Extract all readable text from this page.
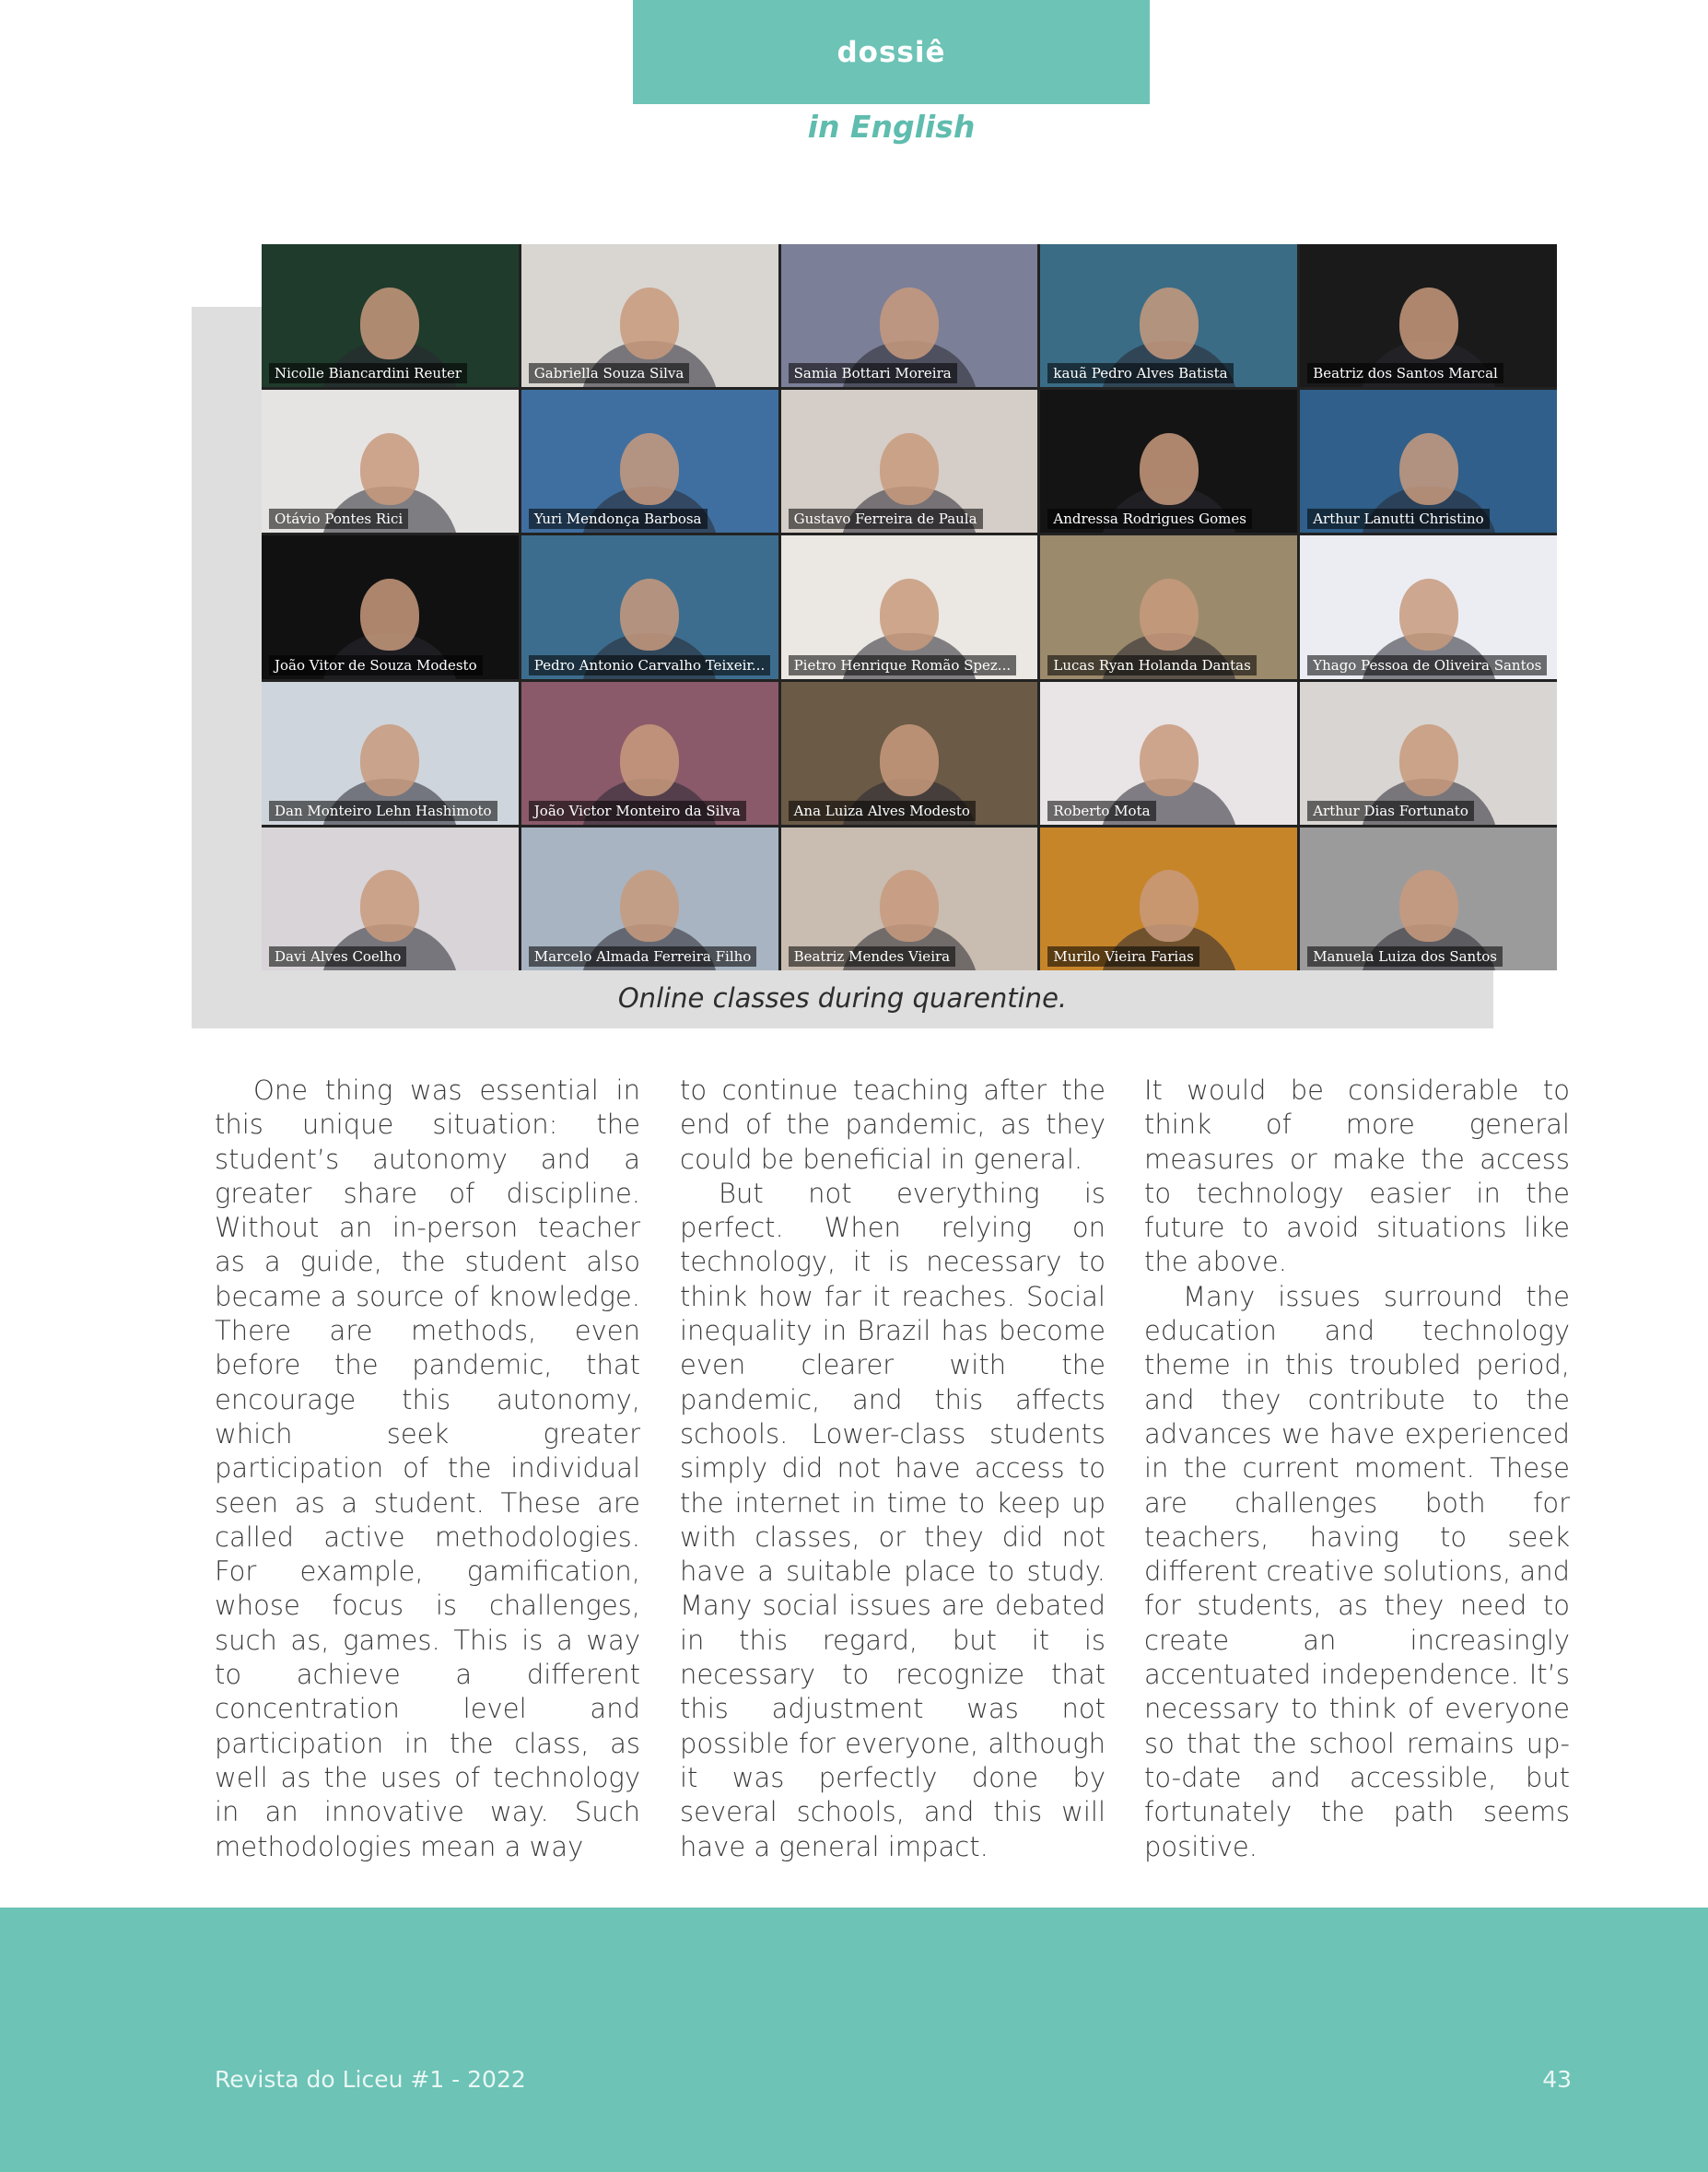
dossiê
in English
Nicolle Biancardini Reuter	Gabriella Souza Silva	Samia Bottari Moreira	kauã Pedro Alves Batista	Beatriz dos Santos Marcal
Otávio Pontes Rici	Yuri Mendonça Barbosa	Gustavo Ferreira de Paula	Andressa Rodrigues Gomes	Arthur Lanutti Christino
João Vitor de Souza Modesto	Pedro Antonio Carvalho Teixeir...	Pietro Henrique Romão Spez...	Lucas Ryan Holanda Dantas	Yhago Pessoa de Oliveira Santos
Dan Monteiro Lehn Hashimoto	João Victor Monteiro da Silva	Ana Luiza Alves Modesto	Roberto Mota	Arthur Dias Fortunato
Davi Alves Coelho	Marcelo Almada Ferreira Filho	Beatriz Mendes Vieira	Murilo Vieira Farias	Manuela Luiza dos Santos
Online classes during quarentine.

One thing was essential in this unique situation: the student’s autonomy and a greater share of discipline. Without an in-person teacher as a guide, the student also became a source of knowledge. There are methods, even before the pandemic, that encourage this autonomy, which seek greater participation of the individual seen as a student. These are called active methodologies. For example, gamification, whose focus is challenges, such as, games. This is a way to achieve a different concentration level and participation in the class, as well as the uses of technology in an innovative way. Such methodologies mean a way

to continue teaching after the end of the pandemic, as they could be beneficial in general.

But not everything is perfect. When relying on technology, it is necessary to think how far it reaches. Social inequality in Brazil has become even clearer with the pandemic, and this affects schools. Lower-class students simply did not have access to the internet in time to keep up with classes, or they did not have a suitable place to study. Many social issues are debated in this regard, but it is necessary to recognize that this adjustment was not possible for everyone, although it was perfectly done by several schools, and this will have a general impact.

It would be considerable to think of more general measures or make the access to technology easier in the future to avoid situations like the above.

Many issues surround the education and technology theme in this troubled period, and they contribute to the advances we have experienced in the current moment. These are challenges both for teachers, having to seek different creative solutions, and for students, as they need to create an increasingly accentuated independence. It’s necessary to think of everyone so that the school remains up-to-date and accessible, but fortunately the path seems positive.

Revista do Liceu #1 - 2022	43
